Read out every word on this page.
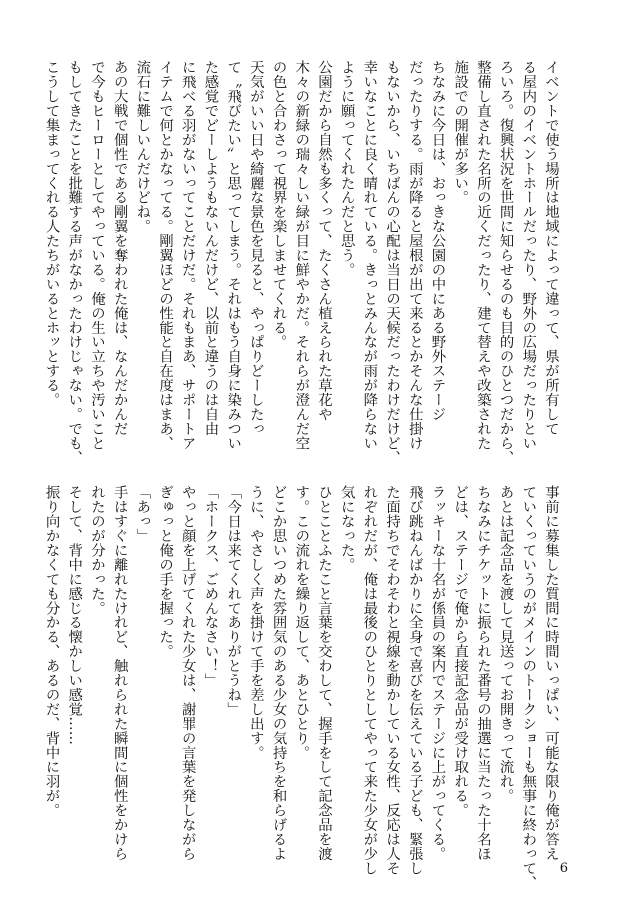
イベントで使う場所は地域によって違って、県が所有して

る屋内のイベントホールだったり、野外の広場だったりとい

ろいろ。復興状況を世間に知らせるのも目的のひとつだから、

整備し直された名所の近くだったり、建て替えや改築された

施設での開催が多い。

ちなみに今日は、おっきな公園の中にある野外ステージ

だったりする。雨が降ると屋根が出て来るとかそんな仕掛け

もないから、いちばんの心配は当日の天候だったわけだけど、

幸いなことに良く晴れている。きっとみんなが雨が降らない

ように願ってくれたんだと思う。

公園だから自然も多くって、たくさん植えられた草花や

木々の新緑の瑞々しい緑が目に鮮やかだ。それらが澄んだ空

の色と合わさって視界を楽しませてくれる。

天気がいい日や綺麗な景色を見ると、やっぱりどーしたっ

て〝飛びたい〟と思ってしまう。それはもう自身に染みつい

た感覚でどーしようもないんだけど、以前と違うのは自由

に飛べる羽がないってことだけだ。それもまあ、サポートア

イテムで何とかなってる。剛翼ほどの性能と自在度はまあ、

流石に難しいんだけどね。

あの大戦で個性である剛翼を奪われた俺は、なんだかんだ

で今もヒーローとしてやっている。俺の生い立ちや汚いこと

もしてきたことを批難する声がなかったわけじゃない。でも、

こうして集まってくれる人たちがいるとホッとする。

事前に募集した質問に時間いっぱい、可能な限り俺が答え

ていくっていうのがメインのトークショーも無事に終わって、

あとは記念品を渡して見送ってお開きって流れ。

ちなみにチケットに振られた番号の抽選に当たった十名ほ

どは、ステージで俺から直接記念品が受け取れる。

ラッキーな十名が係員の案内でステージに上がってくる。

飛び跳ねんばかりに全身で喜びを伝えている子ども、緊張し

た面持ちでそわそわと視線を動かしている女性、反応は人そ

れぞれだが、俺は最後のひとりとしてやって来た少女が少し

気になった。

ひとことふたこと言葉を交わして、握手をして記念品を渡

す。この流れを繰り返して、あとひとり。

どこか思いつめた雰囲気のある少女の気持ちを和らげるよ

うに、やさしく声を掛けて手を差し出す。

「今日は来てくれてありがとうね」

「ホークス、ごめんなさい！」

やっと顔を上げてくれた少女は、謝罪の言葉を発しながら

ぎゅっと俺の手を握った。

「あっ」

手はすぐに離れたけれど、触れられた瞬間に個性をかけら

れたのが分かった。

そして、背中に感じる懐かしい感覚……

振り向かなくても分かる、あるのだ、背中に羽が。

6
